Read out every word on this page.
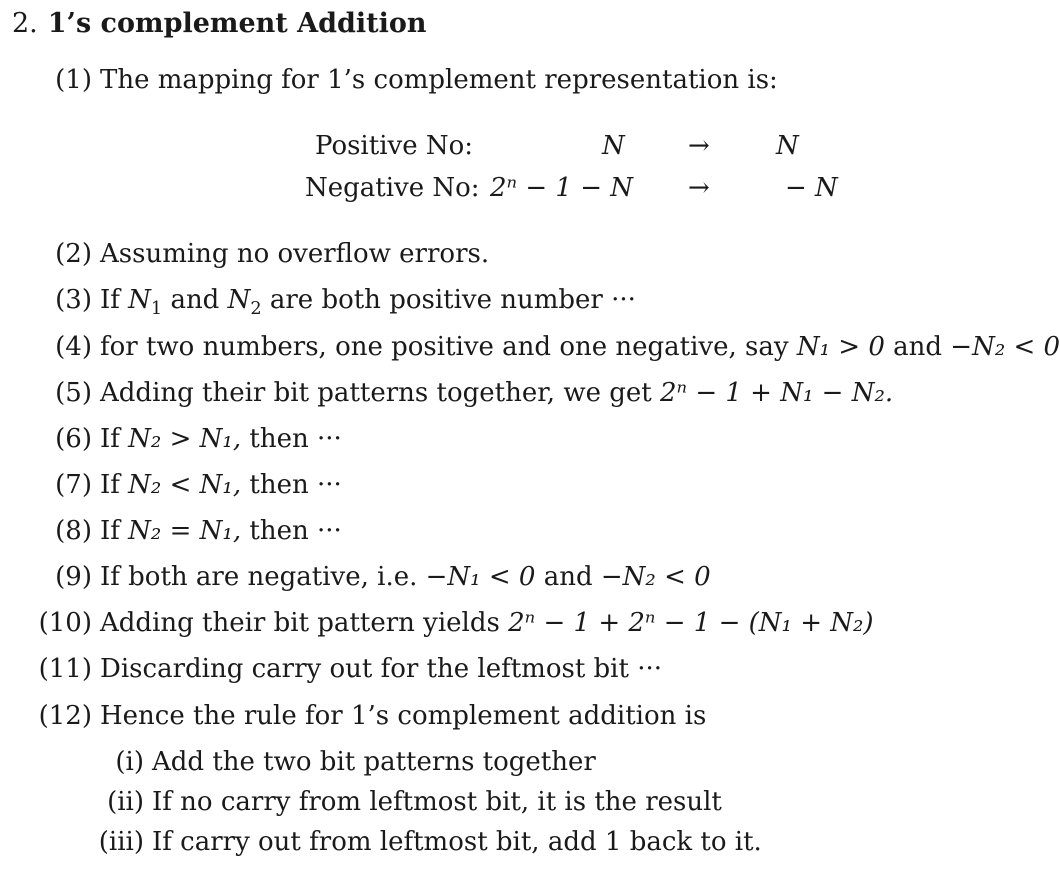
2. 1’s complement Addition
(1) The mapping for 1’s complement representation is:
Positive No:	N →	N
Negative No: 2ⁿ − 1 − N →	− N
(2) Assuming no overflow errors.
(3) If $N_1$ and $N_2$ are both positive number ···
(4) for two numbers, one positive and one negative, say N₁ > 0 and −N₂ < 0
(5) Adding their bit patterns together, we get 2ⁿ − 1 + N₁ − N₂.
(6) If N₂ > N₁, then ···
(7) If N₂ < N₁, then ···
(8) If N₂ = N₁, then ···
(9) If both are negative, i.e. −N₁ < 0 and −N₂ < 0
(10) Adding their bit pattern yields 2ⁿ − 1 + 2ⁿ − 1 − (N₁ + N₂)
(11) Discarding carry out for the leftmost bit ···
(12) Hence the rule for 1’s complement addition is
(i) Add the two bit patterns together
(ii) If no carry from leftmost bit, it is the result
(iii) If carry out from leftmost bit, add 1 back to it.
